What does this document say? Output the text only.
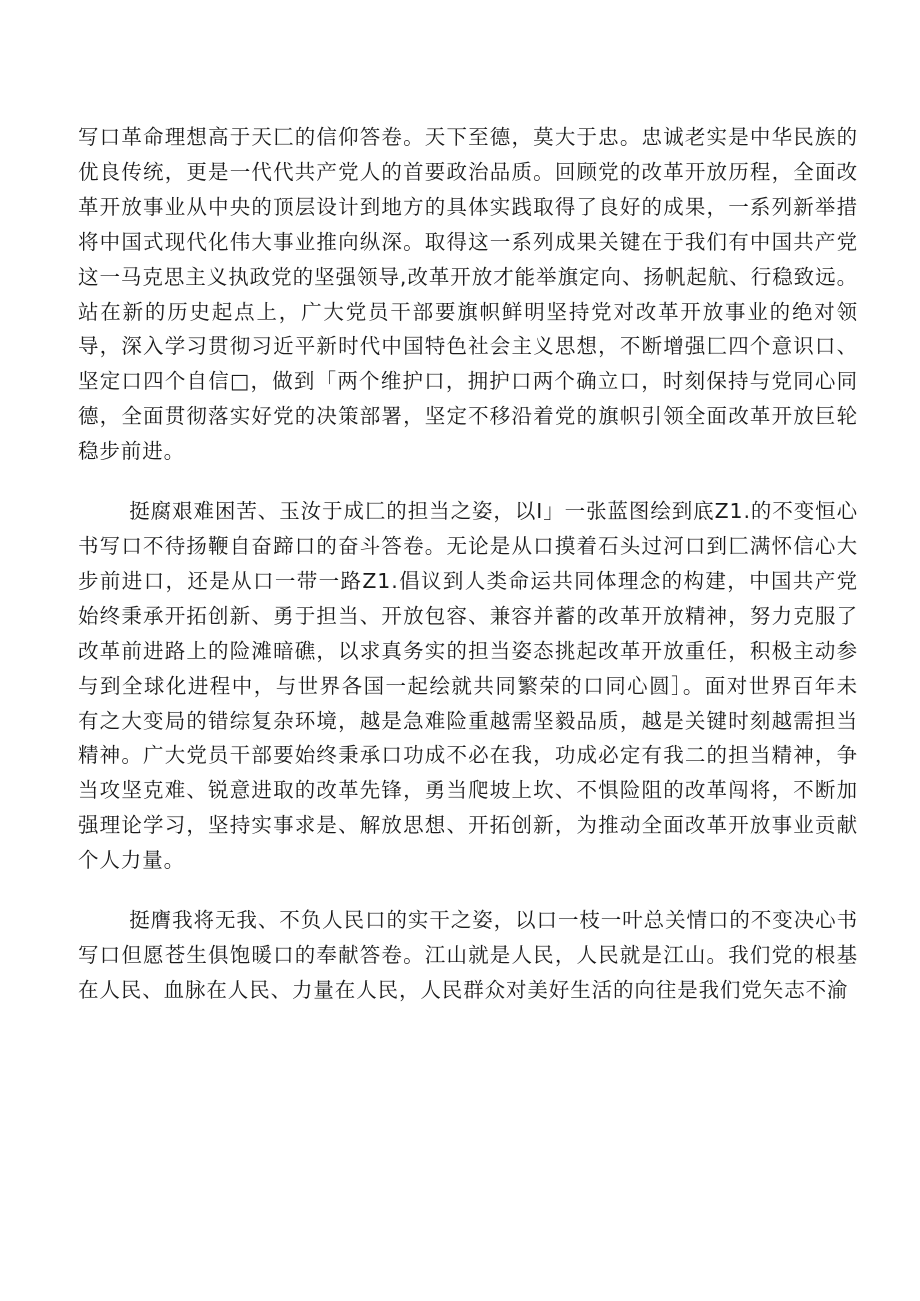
写口革命理想高于天匚的信仰答卷。天下至德，莫大于忠。忠诚老实是中华民族的优良传统，更是一代代共产党人的首要政治品质。回顾党的改革开放历程，全面改革开放事业从中央的顶层设计到地方的具体实践取得了良好的成果，一系列新举措将中国式现代化伟大事业推向纵深。取得这一系列成果关键在于我们有中国共产党这一马克思主义执政党的坚强领导,改革开放才能举旗定向、扬帆起航、行稳致远。站在新的历史起点上，广大党员干部要旗帜鲜明坚持党对改革开放事业的绝对领导，深入学习贯彻习近平新时代中国特色社会主义思想，不断增强匚四个意识口、坚定口四个自信□，做到「两个维护口，拥护口两个确立口，时刻保持与党同心同德，全面贯彻落实好党的决策部署，坚定不移沿着党的旗帜引领全面改革开放巨轮稳步前进。

挺腐艰难困苦、玉汝于成匚的担当之姿，以I」一张蓝图绘到底Z1.的不变恒心书写口不待扬鞭自奋蹄口的奋斗答卷。无论是从口摸着石头过河口到匚满怀信心大步前进口，还是从口一带一路Z1.倡议到人类命运共同体理念的构建，中国共产党始终秉承开拓创新、勇于担当、开放包容、兼容并蓄的改革开放精神，努力克服了改革前进路上的险滩暗礁，以求真务实的担当姿态挑起改革开放重任，积极主动参与到全球化进程中，与世界各国一起绘就共同繁荣的口同心圆］。面对世界百年未有之大变局的错综复杂环境，越是急难险重越需坚毅品质，越是关键时刻越需担当精神。广大党员干部要始终秉承口功成不必在我，功成必定有我二的担当精神，争当攻坚克难、锐意进取的改革先锋，勇当爬坡上坎、不惧险阻的改革闯将，不断加强理论学习，坚持实事求是、解放思想、开拓创新，为推动全面改革开放事业贡献个人力量。

挺膺我将无我、不负人民口的实干之姿，以口一枝一叶总关情口的不变决心书写口但愿苍生俱饱暖口的奉献答卷。江山就是人民，人民就是江山。我们党的根基在人民、血脉在人民、力量在人民，人民群众对美好生活的向往是我们党矢志不渝
